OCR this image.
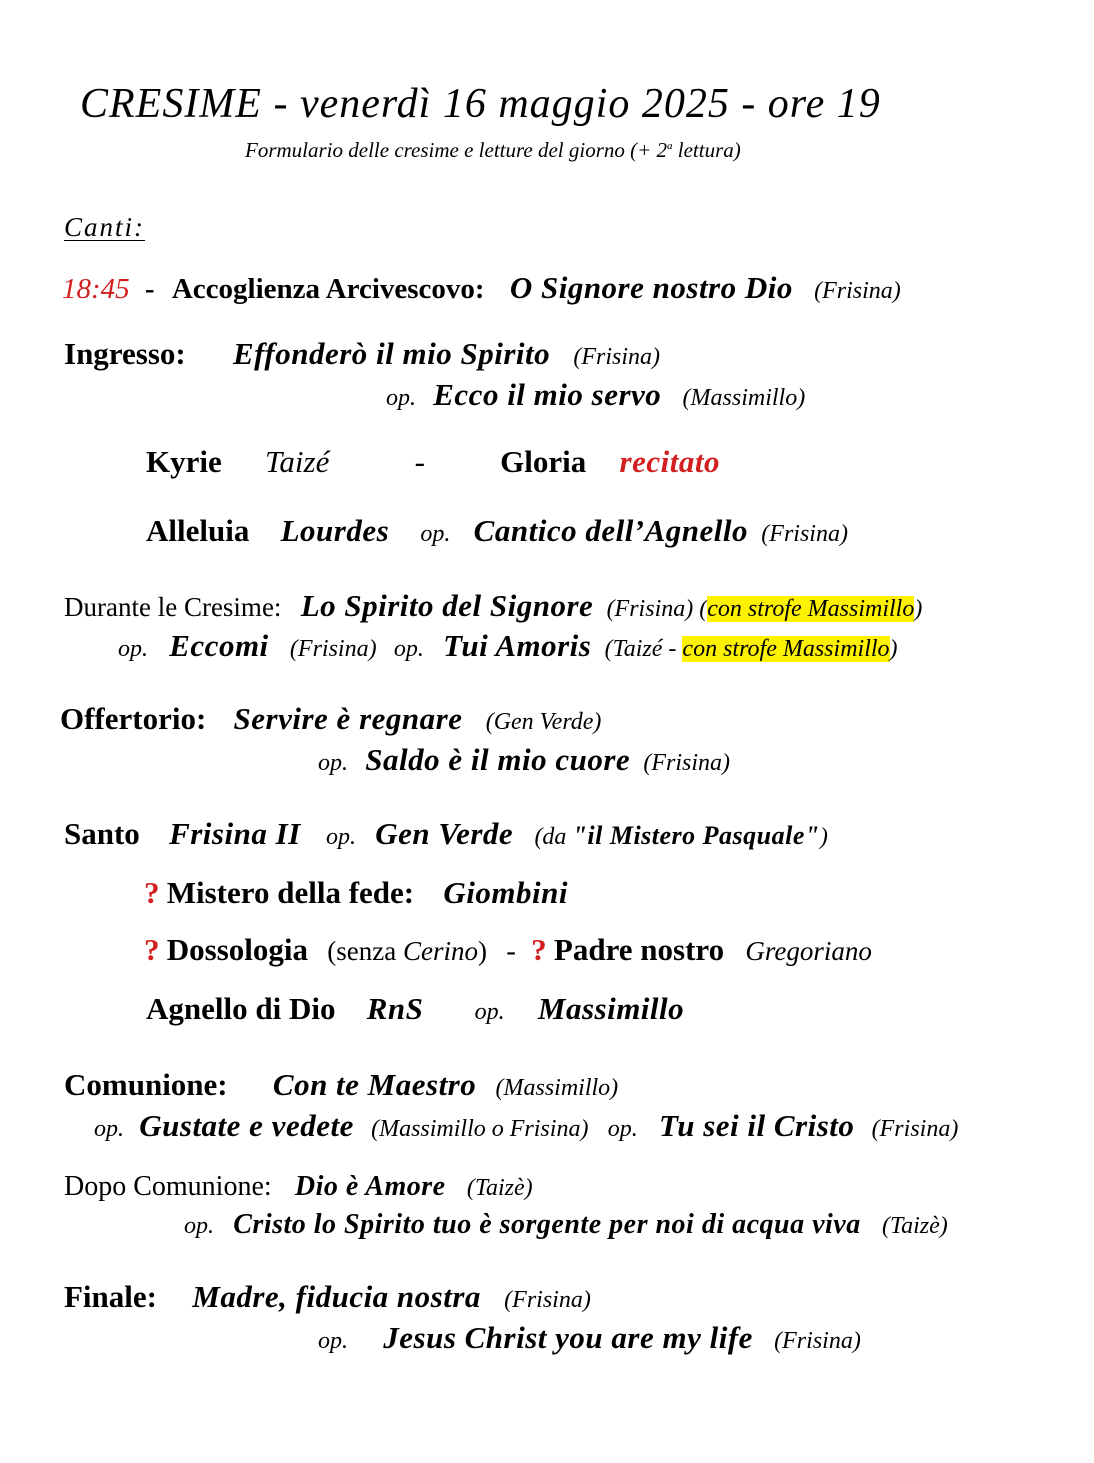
CRESIME - venerdì 16 maggio 2025 - ore 19
Formulario delle cresime e letture del giorno (+ $2^a$ lettura)
Canti:
18:45 - Accoglienza Arcivescovo: O Signore nostro Dio (Frisina)
Ingresso: Effonderò il mio Spirito (Frisina)
op. Ecco il mio servo (Massimillo)
Kyrie Taizé	- Gloria recitato
Alleluia Lourdes op. Cantico dell’Agnello (Frisina)
Durante le Cresime: Lo Spirito del Signore (Frisina) (con strofe Massimillo)
op. Eccomi (Frisina) op. Tui Amoris (Taizé - con strofe Massimillo)
Offertorio: Servire è regnare (Gen Verde)
op. Saldo è il mio cuore (Frisina)
Santo Frisina II op. Gen Verde (da "il Mistero Pasquale")
? Mistero della fede: Giombini
? Dossologia (senza Cerino) - ? Padre nostro Gregoriano
Agnello di Dio RnS op. Massimillo
Comunione: Con te Maestro (Massimillo)
op. Gustate e vedete (Massimillo o Frisina) op. Tu sei il Cristo (Frisina)
Dopo Comunione: Dio è Amore (Taizè)
op. Cristo lo Spirito tuo è sorgente per noi di acqua viva (Taizè)
Finale: Madre, fiducia nostra (Frisina)
op. Jesus Christ you are my life (Frisina)
